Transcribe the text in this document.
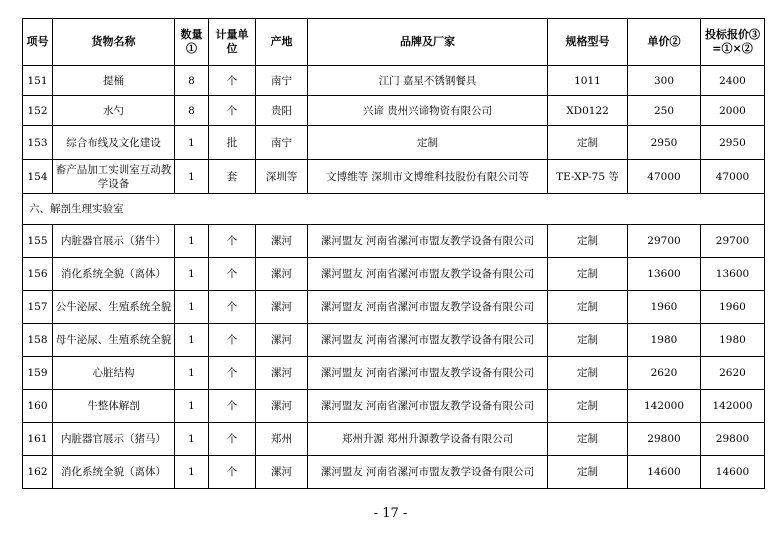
项号	货物名称	数量①	计量单位	产地	品牌及厂家	规格型号	单价②	投标报价③=①×②
151	提桶	8	个	南宁	江门 嘉星不锈钢餐具	1011	300	2400
152	水勺	8	个	贵阳	兴谛 贵州兴谛物资有限公司	XD0122	250	2000
153	综合布线及文化建设	1	批	南宁	定制	定制	2950	2950
154	畜产品加工实训室互动教学设备	1	套	深圳等	文博维等 深圳市文博维科技股份有限公司等	TE-XP-75 等	47000	47000
六、解剖生理实验室								
155	内脏器官展示（猪牛）	1	个	漯河	漯河盟友 河南省漯河市盟友教学设备有限公司	定制	29700	29700
156	消化系统全貌（离体）	1	个	漯河	漯河盟友 河南省漯河市盟友教学设备有限公司	定制	13600	13600
157	公牛泌尿、生殖系统全貌	1	个	漯河	漯河盟友 河南省漯河市盟友教学设备有限公司	定制	1960	1960
158	母牛泌尿、生殖系统全貌	1	个	漯河	漯河盟友 河南省漯河市盟友教学设备有限公司	定制	1980	1980
159	心脏结构	1	个	漯河	漯河盟友 河南省漯河市盟友教学设备有限公司	定制	2620	2620
160	牛整体解剖	1	个	漯河	漯河盟友 河南省漯河市盟友教学设备有限公司	定制	142000	142000
161	内脏器官展示（猪马）	1	个	郑州	郑州升源 郑州升源教学设备有限公司	定制	29800	29800
162	消化系统全貌（离体）	1	个	漯河	漯河盟友 河南省漯河市盟友教学设备有限公司	定制	14600	14600
- 17 -
